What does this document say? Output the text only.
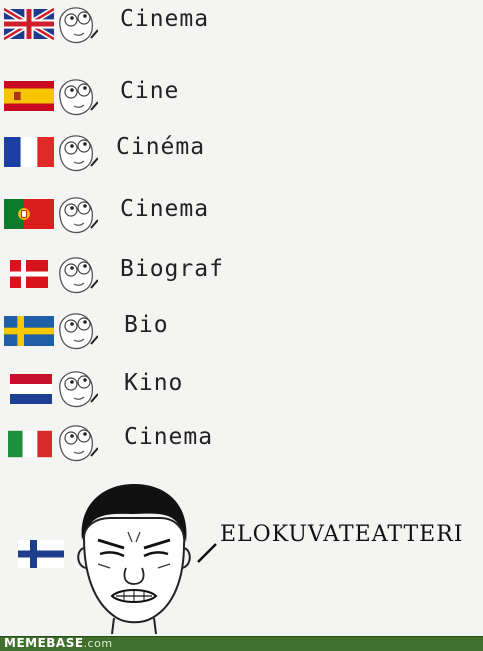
Cinema
Cine
Cinéma
Cinema
Biograf
Bio
Kino
Cinema
ELOKUVATEATTERI
MEMEBASE.com
